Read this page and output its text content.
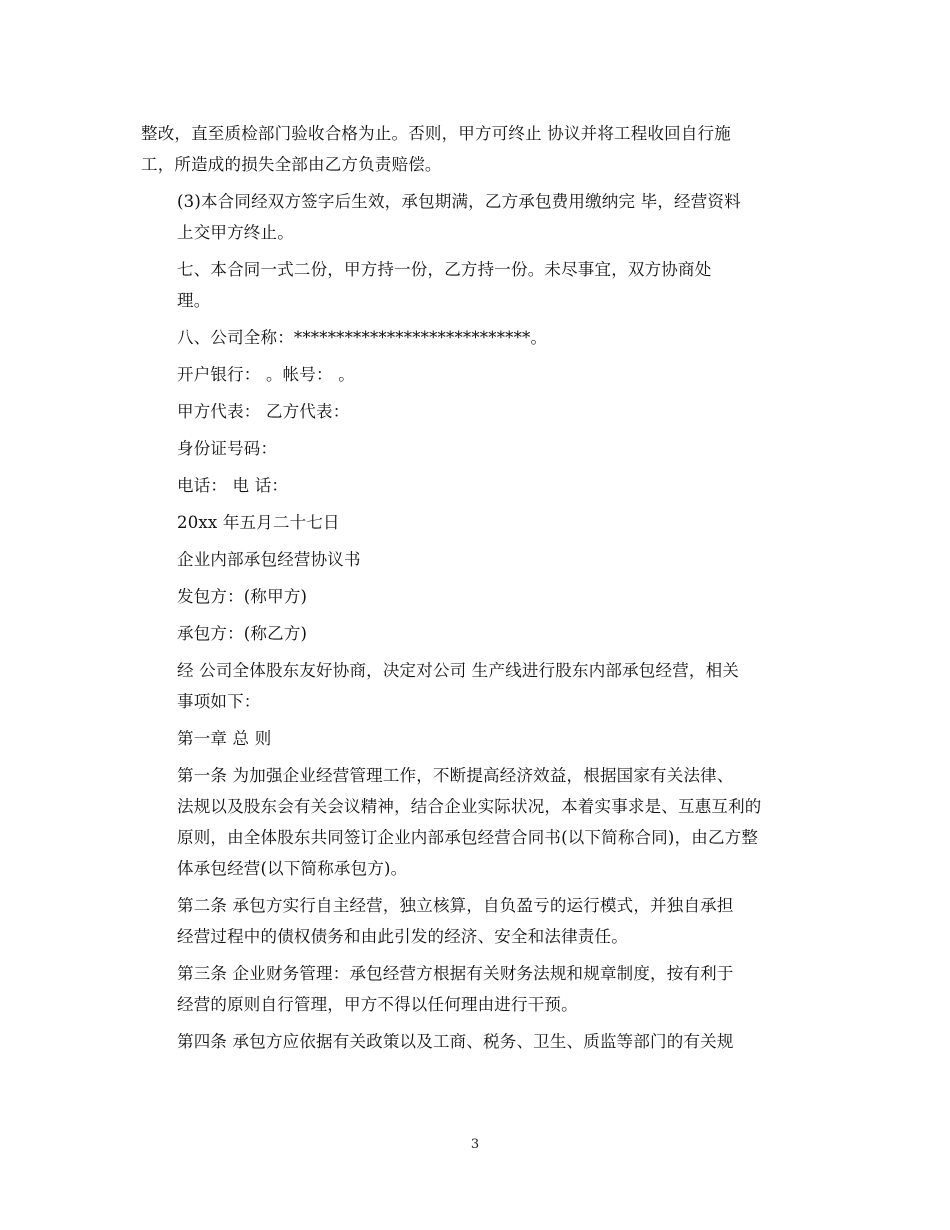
整改，直至质检部门验收合格为止。否则，甲方可终止 协议并将工程收回自行施
工，所造成的损失全部由乙方负责赔偿。

(3)本合同经双方签字后生效，承包期满，乙方承包费用缴纳完 毕，经营资料
上交甲方终止。

七、本合同一式二份，甲方持一份，乙方持一份。未尽事宜，双方协商处
理。

八、公司全称：****************************。

开户银行： 。帐号： 。

甲方代表： 乙方代表：

身份证号码：

电话： 电 话：

20xx 年五月二十七日

企业内部承包经营协议书

发包方：(称甲方)

承包方：(称乙方)

经 公司全体股东友好协商，决定对公司 生产线进行股东内部承包经营，相关
事项如下：

第一章 总 则

第一条 为加强企业经营管理工作，不断提高经济效益，根据国家有关法律、
法规以及股东会有关会议精神，结合企业实际状况，本着实事求是、互惠互利的
原则，由全体股东共同签订企业内部承包经营合同书(以下简称合同)，由乙方整
体承包经营(以下简称承包方)。

第二条 承包方实行自主经营，独立核算，自负盈亏的运行模式，并独自承担
经营过程中的债权债务和由此引发的经济、安全和法律责任。

第三条 企业财务管理：承包经营方根据有关财务法规和规章制度，按有利于
经营的原则自行管理，甲方不得以任何理由进行干预。

第四条 承包方应依据有关政策以及工商、税务、卫生、质监等部门的有关规

3
